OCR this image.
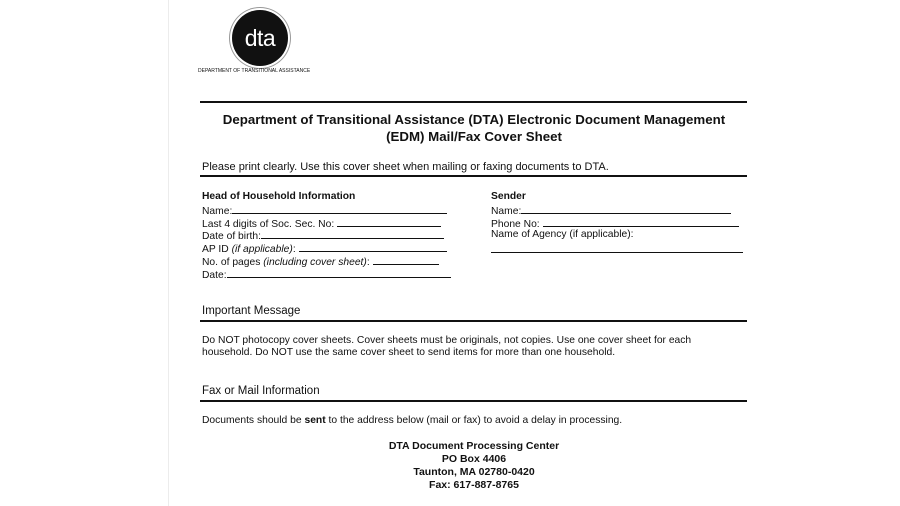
dta
DEPARTMENT OF TRANSITIONAL ASSISTANCE
Department of Transitional Assistance (DTA) Electronic Document Management
(EDM) Mail/Fax Cover Sheet
Please print clearly. Use this cover sheet when mailing or faxing documents to DTA.
Head of Household Information
Name:
Last 4 digits of Soc. Sec. No:
Date of birth:
AP ID (if applicable):
No. of pages (including cover sheet):
Date:
Sender
Name:
Phone No:
Name of Agency (if applicable):
Important Message
Do NOT photocopy cover sheets. Cover sheets must be originals, not copies. Use one cover sheet for each
household. Do NOT use the same cover sheet to send items for more than one household.
Fax or Mail Information
Documents should be sent to the address below (mail or fax) to avoid a delay in processing.
DTA Document Processing Center
PO Box 4406
Taunton, MA 02780-0420
Fax: 617-887-8765
